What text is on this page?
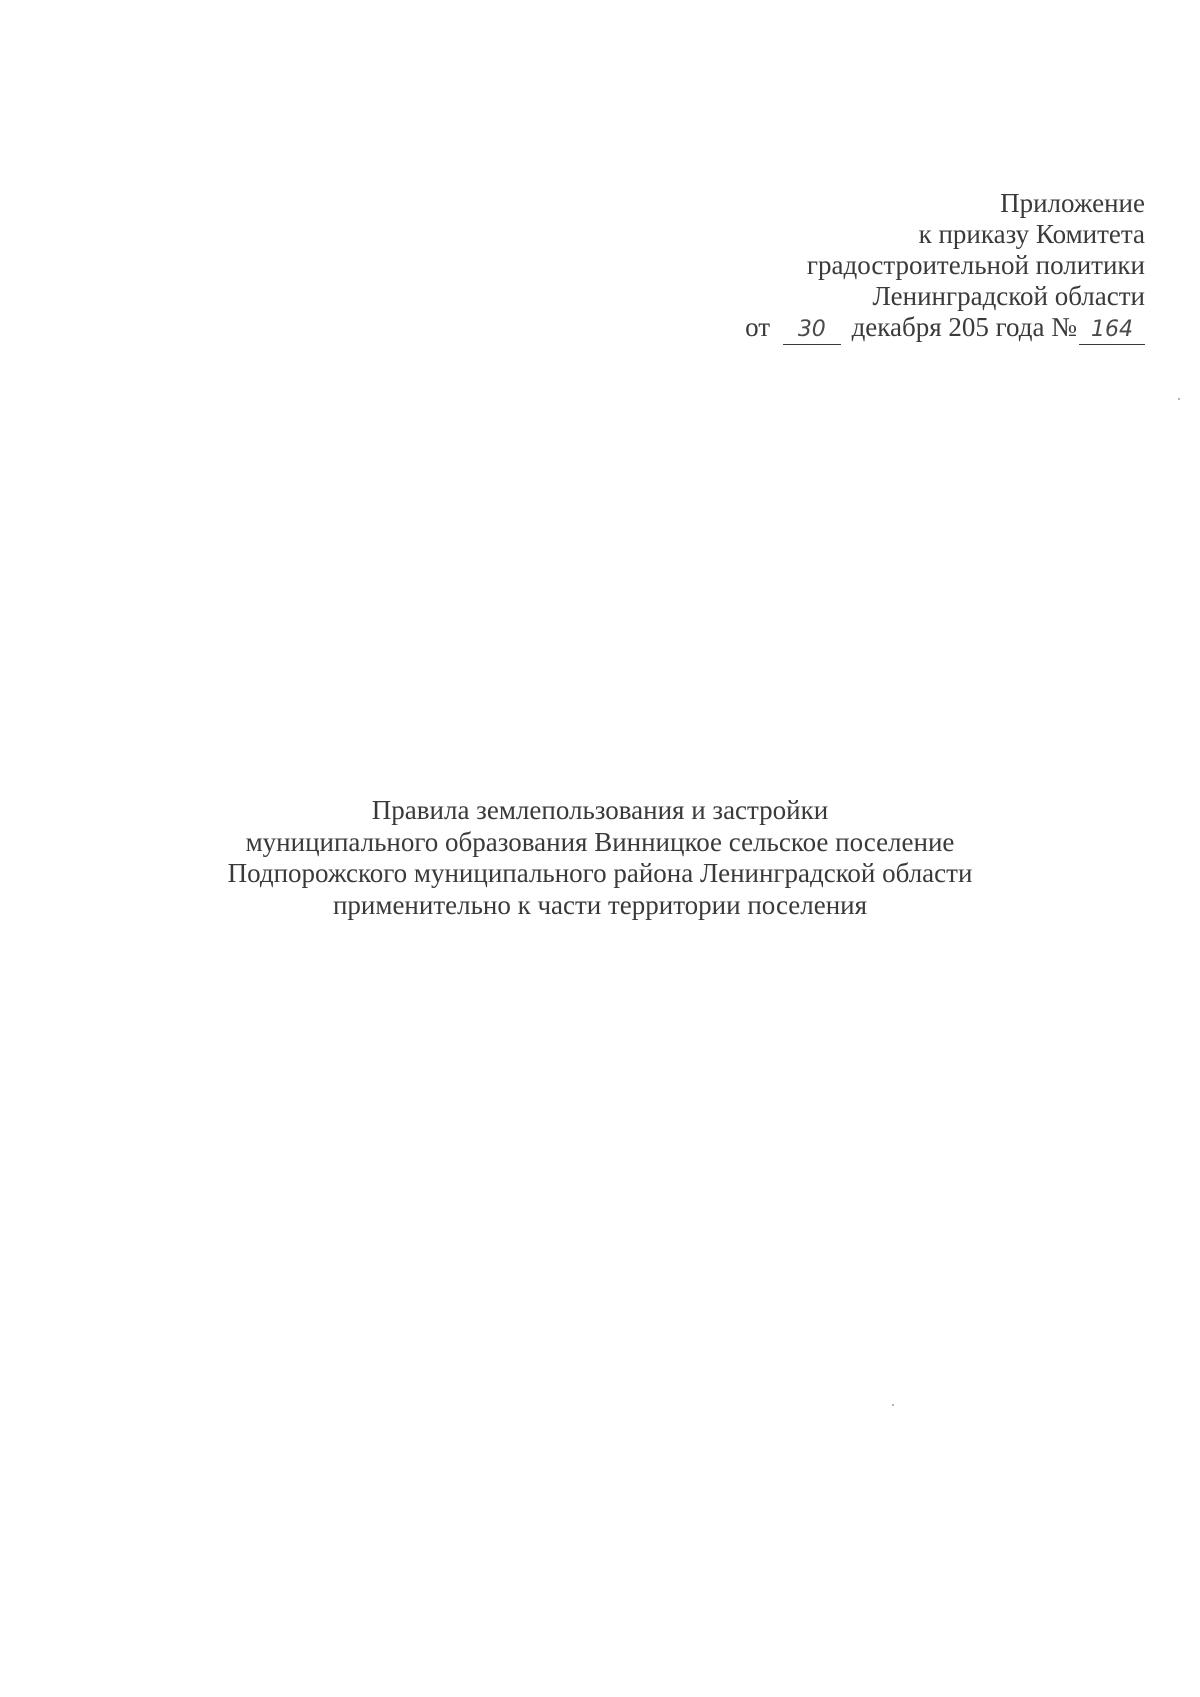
Приложение
к приказу Комитета
градостроительной политики
Ленинградской области
от 30 декабря 205 года № 164
Правила землепользования и застройки
муниципального образования Винницкое сельское поселение
Подпорожского муниципального района Ленинградской области
применительно к части территории поселения
